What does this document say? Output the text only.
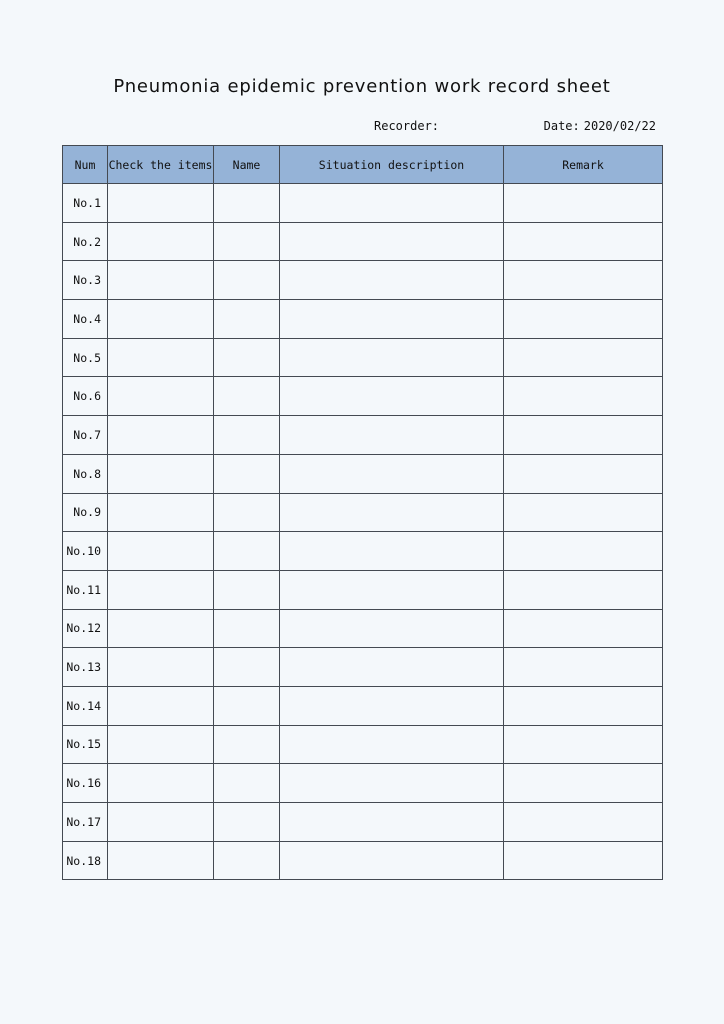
Pneumonia epidemic prevention work record sheet
Recorder:	Date: 2020/02/22
Num	Check the items	Name	Situation description	Remark
No.1				
No.2				
No.3				
No.4				
No.5				
No.6				
No.7				
No.8				
No.9				
No.10				
No.11				
No.12				
No.13				
No.14				
No.15				
No.16				
No.17				
No.18				
